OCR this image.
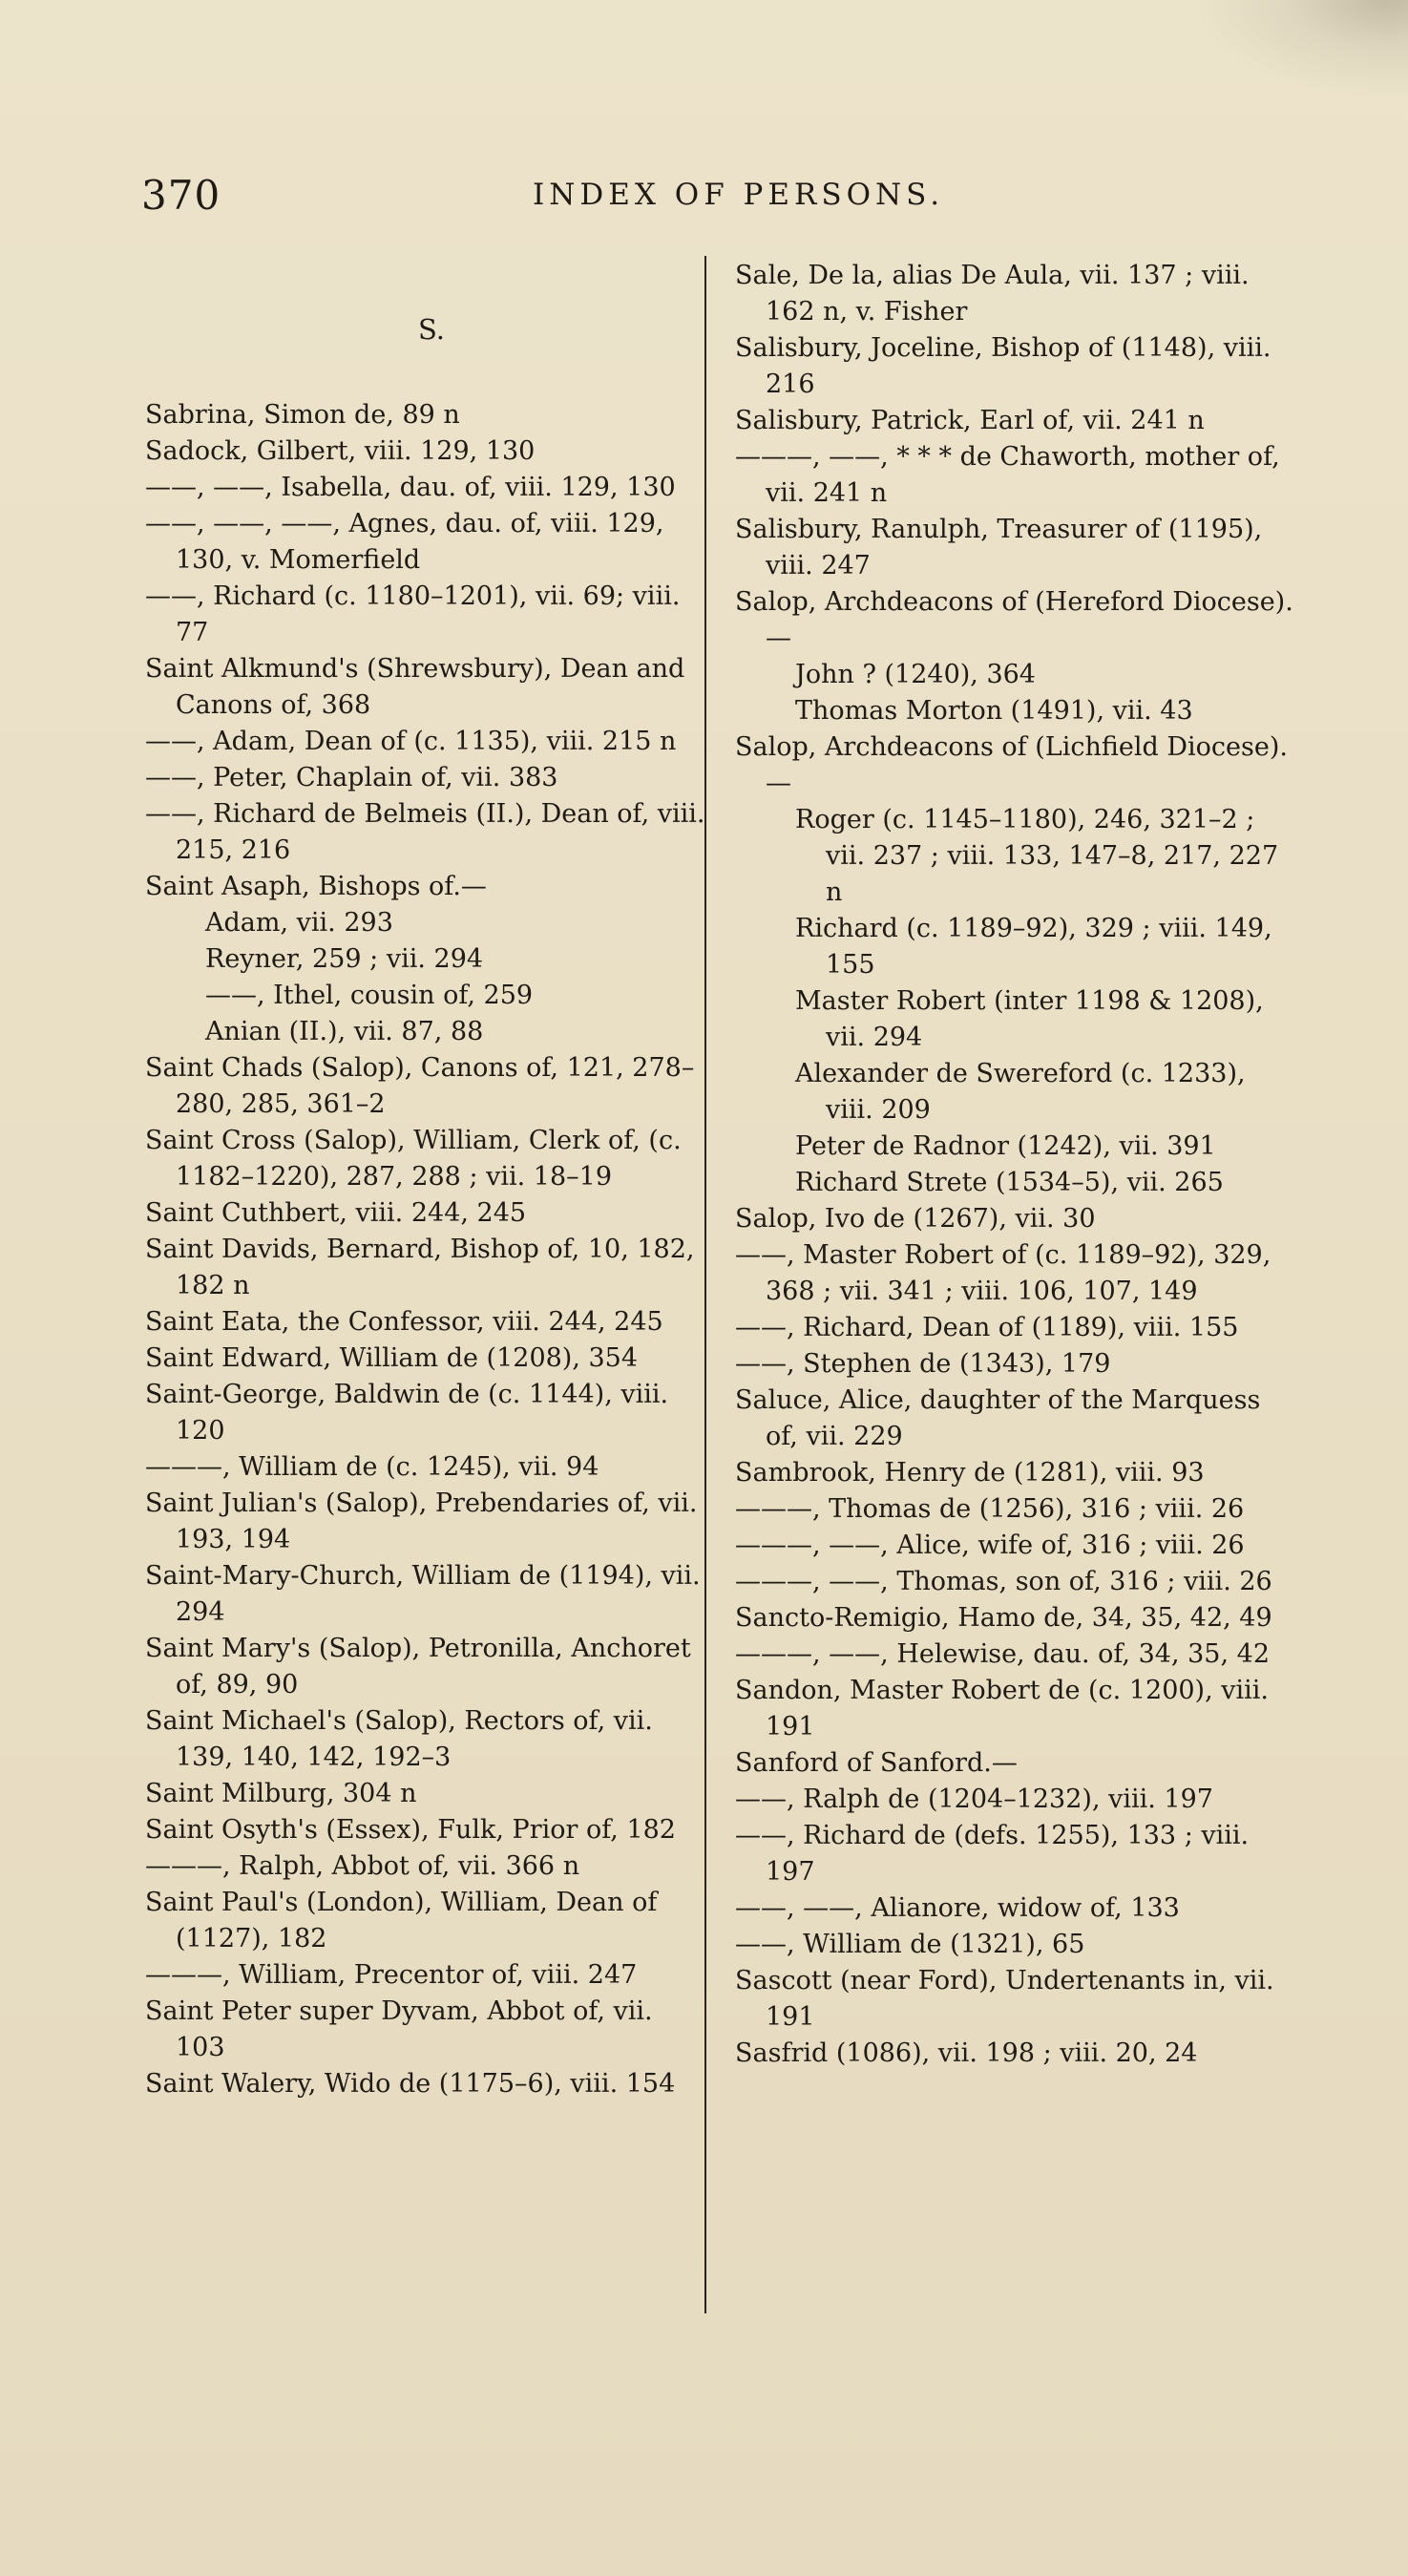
370	INDEX OF PERSONS.
S.

Sabrina, Simon de, 89 n

Sadock, Gilbert, viii. 129, 130

——, ——, Isabella, dau. of, viii. 129, 130

——, ——, ——, Agnes, dau. of, viii. 129, 130, v. Momerfield

——, Richard (c. 1180–1201), vii. 69; viii. 77

Saint Alkmund's (Shrewsbury), Dean and Canons of, 368

——, Adam, Dean of (c. 1135), viii. 215 n

——, Peter, Chaplain of, vii. 383

——, Richard de Belmeis (II.), Dean of, viii. 215, 216

Saint Asaph, Bishops of.—

Adam, vii. 293

Reyner, 259 ; vii. 294

——, Ithel, cousin of, 259

Anian (II.), vii. 87, 88

Saint Chads (Salop), Canons of, 121, 278–280, 285, 361–2

Saint Cross (Salop), William, Clerk of, (c. 1182–1220), 287, 288 ; vii. 18–19

Saint Cuthbert, viii. 244, 245

Saint Davids, Bernard, Bishop of, 10, 182, 182 n

Saint Eata, the Confessor, viii. 244, 245

Saint Edward, William de (1208), 354

Saint-George, Baldwin de (c. 1144), viii. 120

———, William de (c. 1245), vii. 94

Saint Julian's (Salop), Prebendaries of, vii. 193, 194

Saint-Mary-Church, William de (1194), vii. 294

Saint Mary's (Salop), Petronilla, Anchoret of, 89, 90

Saint Michael's (Salop), Rectors of, vii. 139, 140, 142, 192–3

Saint Milburg, 304 n

Saint Osyth's (Essex), Fulk, Prior of, 182

———, Ralph, Abbot of, vii. 366 n

Saint Paul's (London), William, Dean of (1127), 182

———, William, Precentor of, viii. 247

Saint Peter super Dyvam, Abbot of, vii. 103

Saint Walery, Wido de (1175–6), viii. 154

Sale, De la, alias De Aula, vii. 137 ; viii. 162 n, v. Fisher

Salisbury, Joceline, Bishop of (1148), viii. 216

Salisbury, Patrick, Earl of, vii. 241 n

———, ——, * * * de Chaworth, mother of, vii. 241 n

Salisbury, Ranulph, Treasurer of (1195), viii. 247

Salop, Archdeacons of (Hereford Diocese).—

John ? (1240), 364

Thomas Morton (1491), vii. 43

Salop, Archdeacons of (Lichfield Diocese).—

Roger (c. 1145–1180), 246, 321–2 ; vii. 237 ; viii. 133, 147–8, 217, 227 n

Richard (c. 1189–92), 329 ; viii. 149, 155

Master Robert (inter 1198 & 1208), vii. 294

Alexander de Swereford (c. 1233), viii. 209

Peter de Radnor (1242), vii. 391

Richard Strete (1534–5), vii. 265

Salop, Ivo de (1267), vii. 30

——, Master Robert of (c. 1189–92), 329, 368 ; vii. 341 ; viii. 106, 107, 149

——, Richard, Dean of (1189), viii. 155

——, Stephen de (1343), 179

Saluce, Alice, daughter of the Marquess of, vii. 229

Sambrook, Henry de (1281), viii. 93

———, Thomas de (1256), 316 ; viii. 26

———, ——, Alice, wife of, 316 ; viii. 26

———, ——, Thomas, son of, 316 ; viii. 26

Sancto-Remigio, Hamo de, 34, 35, 42, 49

———, ——, Helewise, dau. of, 34, 35, 42

Sandon, Master Robert de (c. 1200), viii. 191

Sanford of Sanford.—

——, Ralph de (1204–1232), viii. 197

——, Richard de (defs. 1255), 133 ; viii. 197

——, ——, Alianore, widow of, 133

——, William de (1321), 65

Sascott (near Ford), Undertenants in, vii. 191

Sasfrid (1086), vii. 198 ; viii. 20, 24
